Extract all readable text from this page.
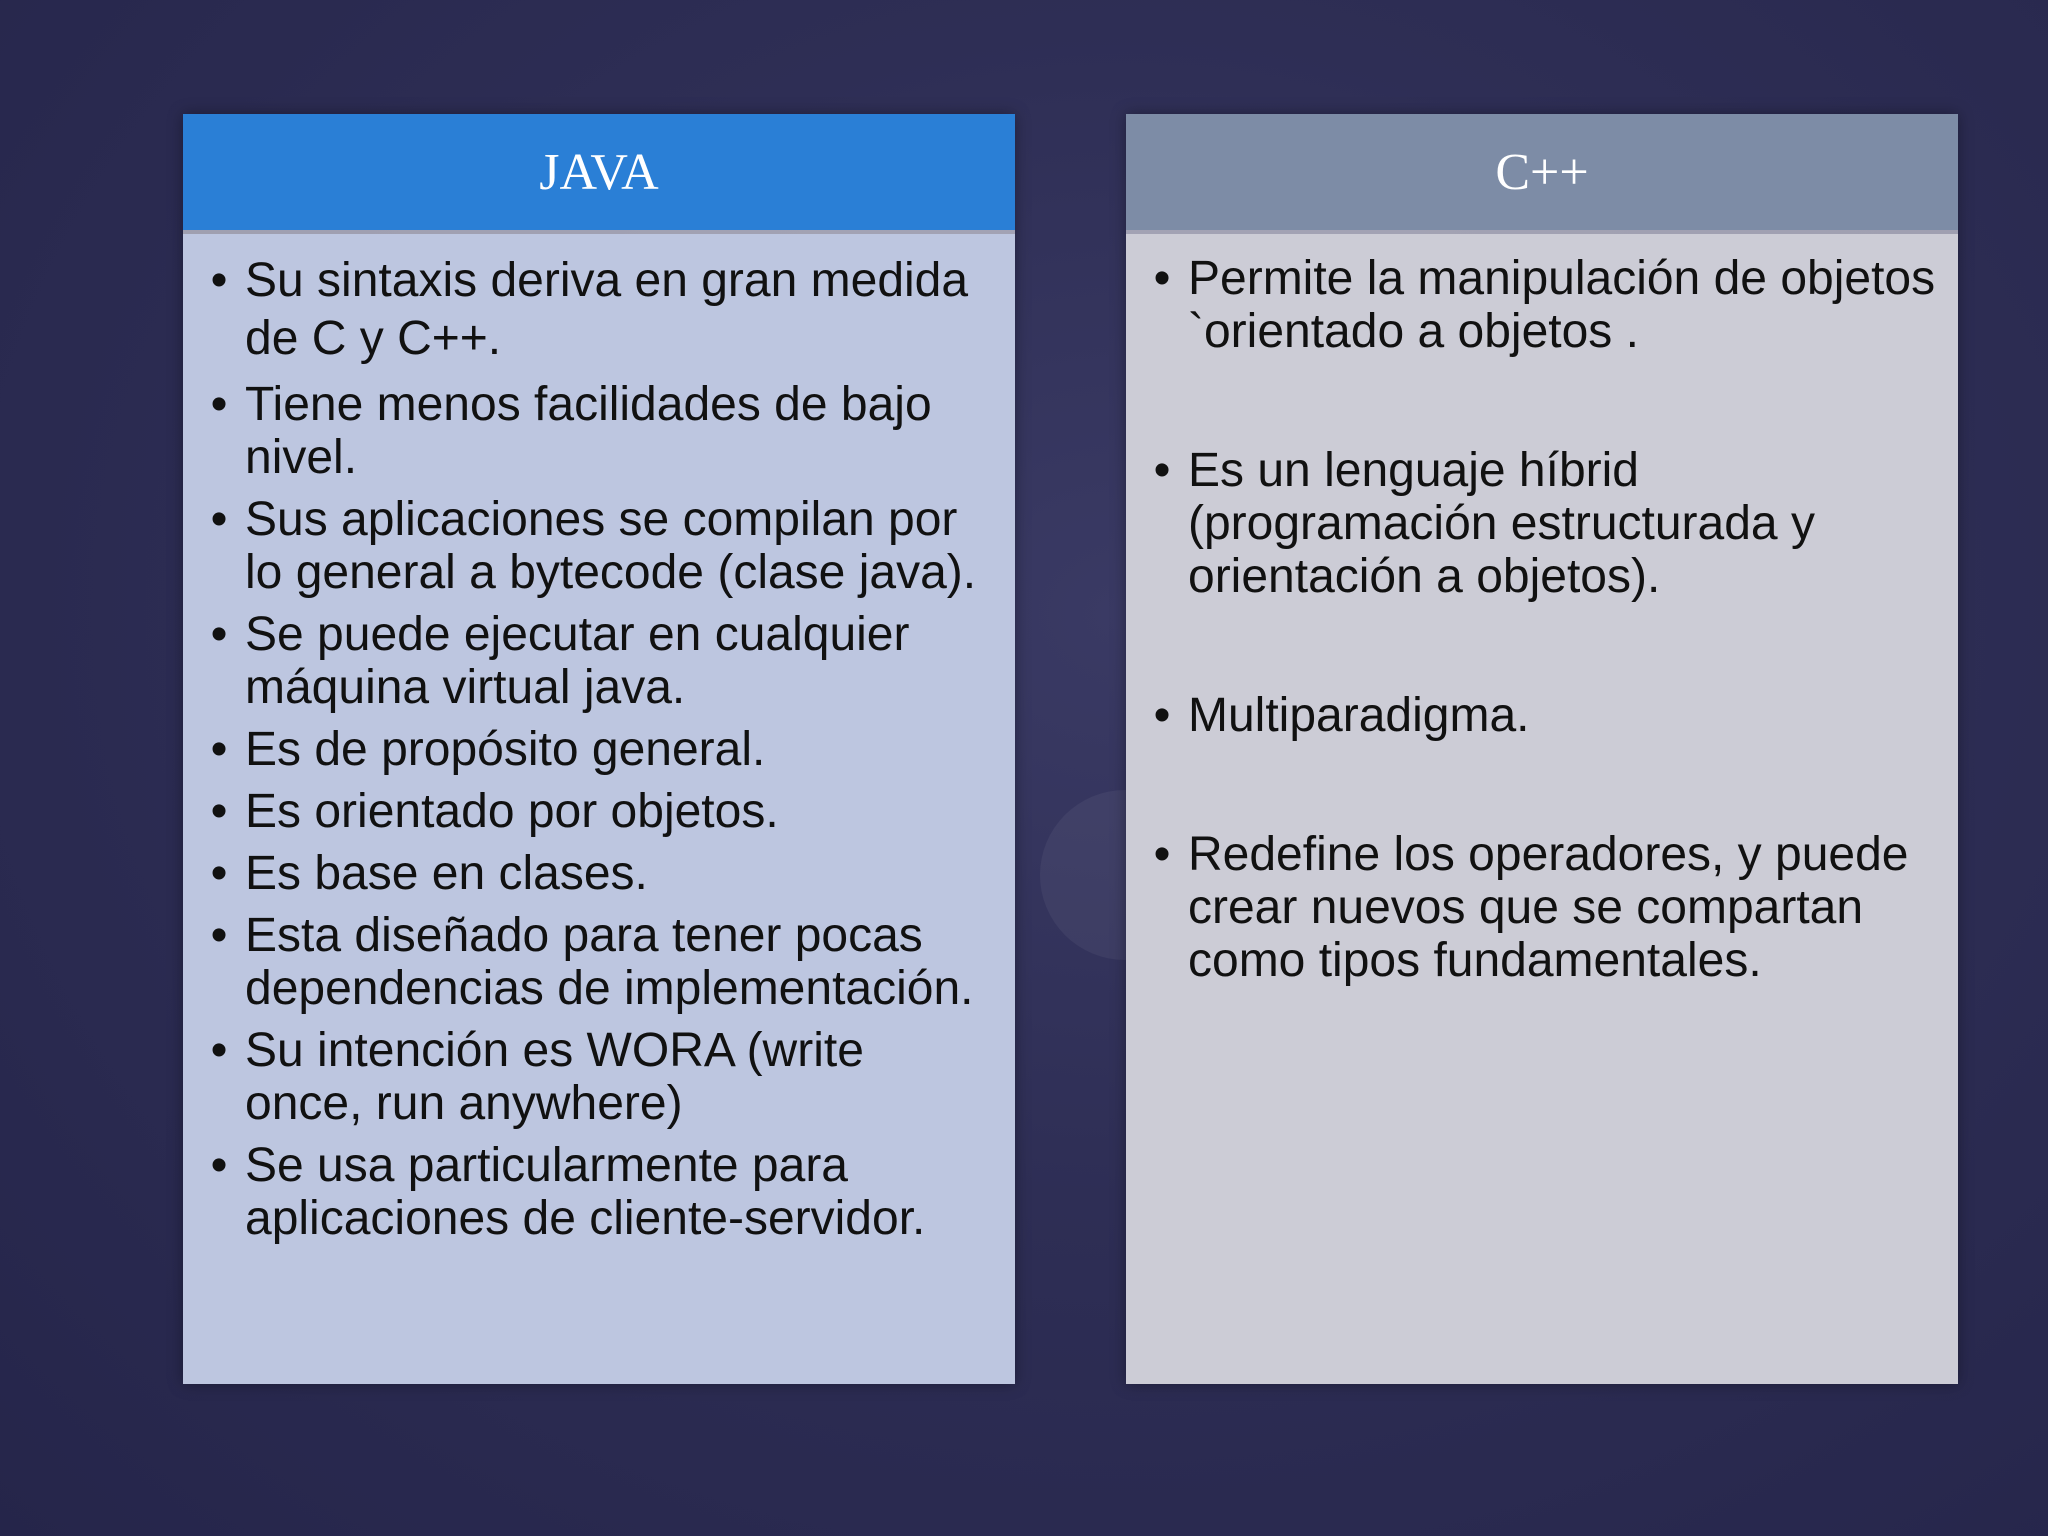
JAVA
• Su sintaxis deriva en gran medida de C y C++.
• Tiene menos facilidades de bajo nivel.
• Sus aplicaciones se compilan por lo general a bytecode (clase java).
• Se puede ejecutar en cualquier máquina virtual java.
• Es de propósito general.
• Es orientado por objetos.
• Es base en clases.
• Esta diseñado para tener pocas dependencias de implementación.
• Su intención es WORA (write once, run anywhere)
• Se usa particularmente para aplicaciones de cliente-servidor.
C++
• Permite la manipulación de objetos `orientado a objetos .
• Es un lenguaje híbrid (programación estructurada y orientación a objetos).
• Multiparadigma.
• Redefine los operadores, y puede crear nuevos que se compartan como tipos fundamentales.
